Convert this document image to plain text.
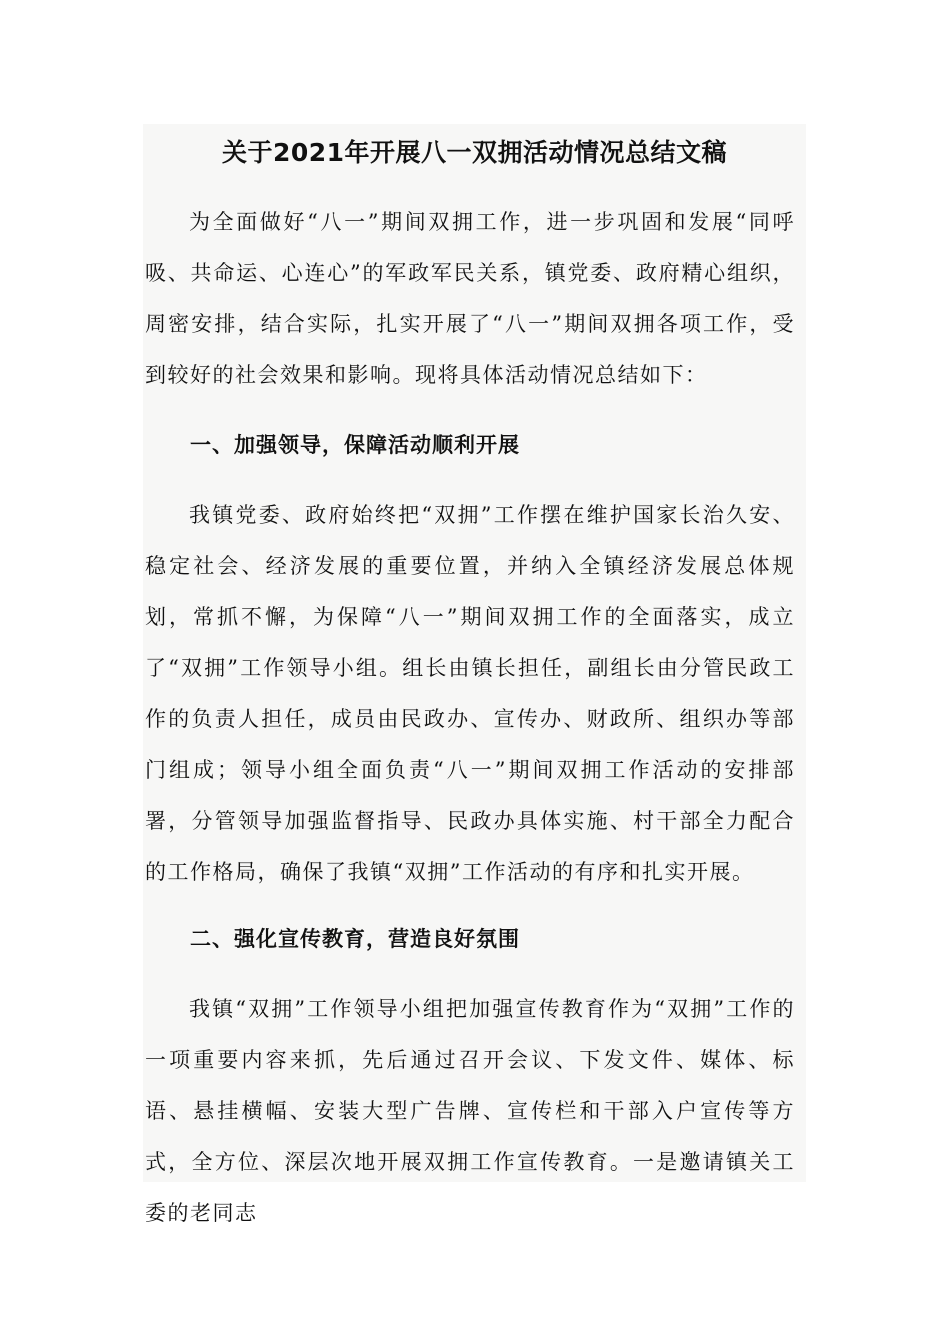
关于2021年开展八一双拥活动情况总结文稿

为全面做好“八一”期间双拥工作，进一步巩固和发展“同呼吸、共命运、心连心”的军政军民关系，镇党委、政府精心组织，周密安排，结合实际，扎实开展了“八一”期间双拥各项工作，受到较好的社会效果和影响。现将具体活动情况总结如下：

一、加强领导，保障活动顺利开展

我镇党委、政府始终把“双拥”工作摆在维护国家长治久安、稳定社会、经济发展的重要位置，并纳入全镇经济发展总体规划，常抓不懈，为保障“八一”期间双拥工作的全面落实，成立了“双拥”工作领导小组。组长由镇长担任，副组长由分管民政工作的负责人担任，成员由民政办、宣传办、财政所、组织办等部门组成；领导小组全面负责“八一”期间双拥工作活动的安排部署，分管领导加强监督指导、民政办具体实施、村干部全力配合的工作格局，确保了我镇“双拥”工作活动的有序和扎实开展。

二、强化宣传教育，营造良好氛围

我镇“双拥”工作领导小组把加强宣传教育作为“双拥”工作的一项重要内容来抓，先后通过召开会议、下发文件、媒体、标语、悬挂横幅、安装大型广告牌、宣传栏和干部入户宣传等方式，全方位、深层次地开展双拥工作宣传教育。一是邀请镇关工委的老同志
